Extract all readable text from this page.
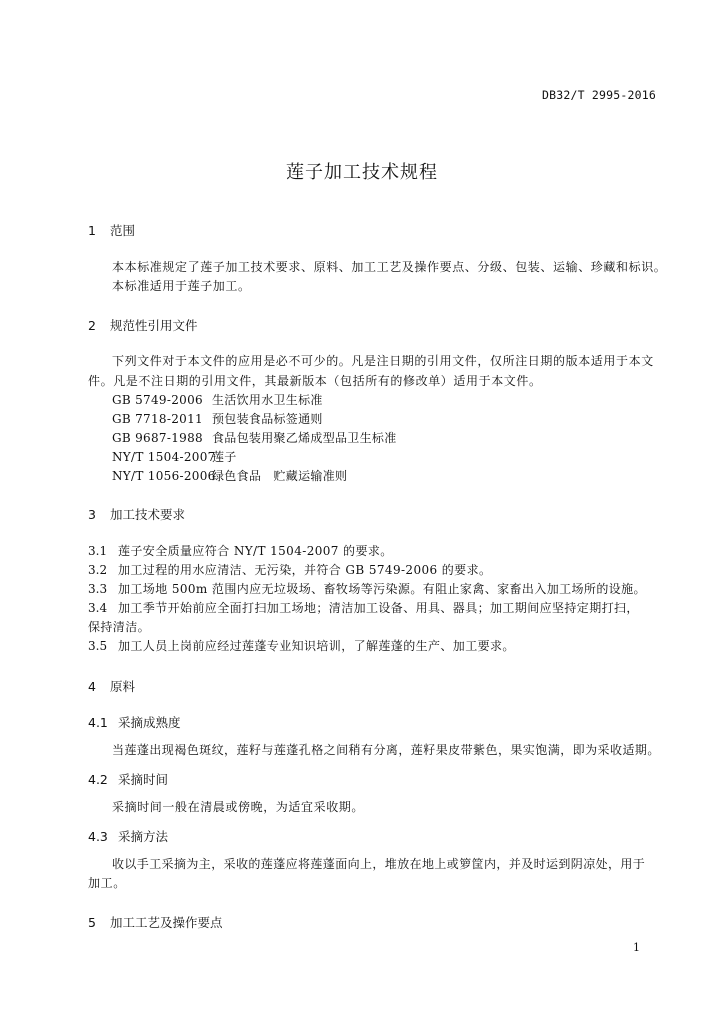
DB32/T 2995-2016
莲子加工技术规程
1 范围
本本标准规定了莲子加工技术要求、原料、加工工艺及操作要点、分级、包装、运输、珍藏和标识。
本标准适用于莲子加工。
2 规范性引用文件
下列文件对于本文件的应用是必不可少的。凡是注日期的引用文件，仅所注日期的版本适用于本文
件。凡是不注日期的引用文件，其最新版本（包括所有的修改单）适用于本文件。
GB 5749-2006 生活饮用水卫生标准
GB 7718-2011 预包装食品标签通则
GB 9687-1988 食品包装用聚乙烯成型品卫生标准
NY/T 1504-2007莲子
NY/T 1056-2006绿色食品　贮藏运输准则
3 加工技术要求
3.1 莲子安全质量应符合 NY/T 1504-2007 的要求。
3.2 加工过程的用水应清洁、无污染，并符合 GB 5749-2006 的要求。
3.3 加工场地 500m 范围内应无垃圾场、畜牧场等污染源。有阻止家禽、家畜出入加工场所的设施。
3.4 加工季节开始前应全面打扫加工场地；清洁加工设备、用具、器具；加工期间应坚持定期打扫，
保持清洁。
3.5 加工人员上岗前应经过莲蓬专业知识培训，了解莲蓬的生产、加工要求。
4 原料
4.1 采摘成熟度
当莲蓬出现褐色斑纹，莲籽与莲蓬孔格之间稍有分离，莲籽果皮带紫色，果实饱满，即为采收适期。
4.2 采摘时间
采摘时间一般在清晨或傍晚，为适宜采收期。
4.3 采摘方法
收以手工采摘为主，采收的莲蓬应将莲蓬面向上，堆放在地上或箩筐内，并及时运到阴凉处，用于
加工。
5 加工工艺及操作要点
1
